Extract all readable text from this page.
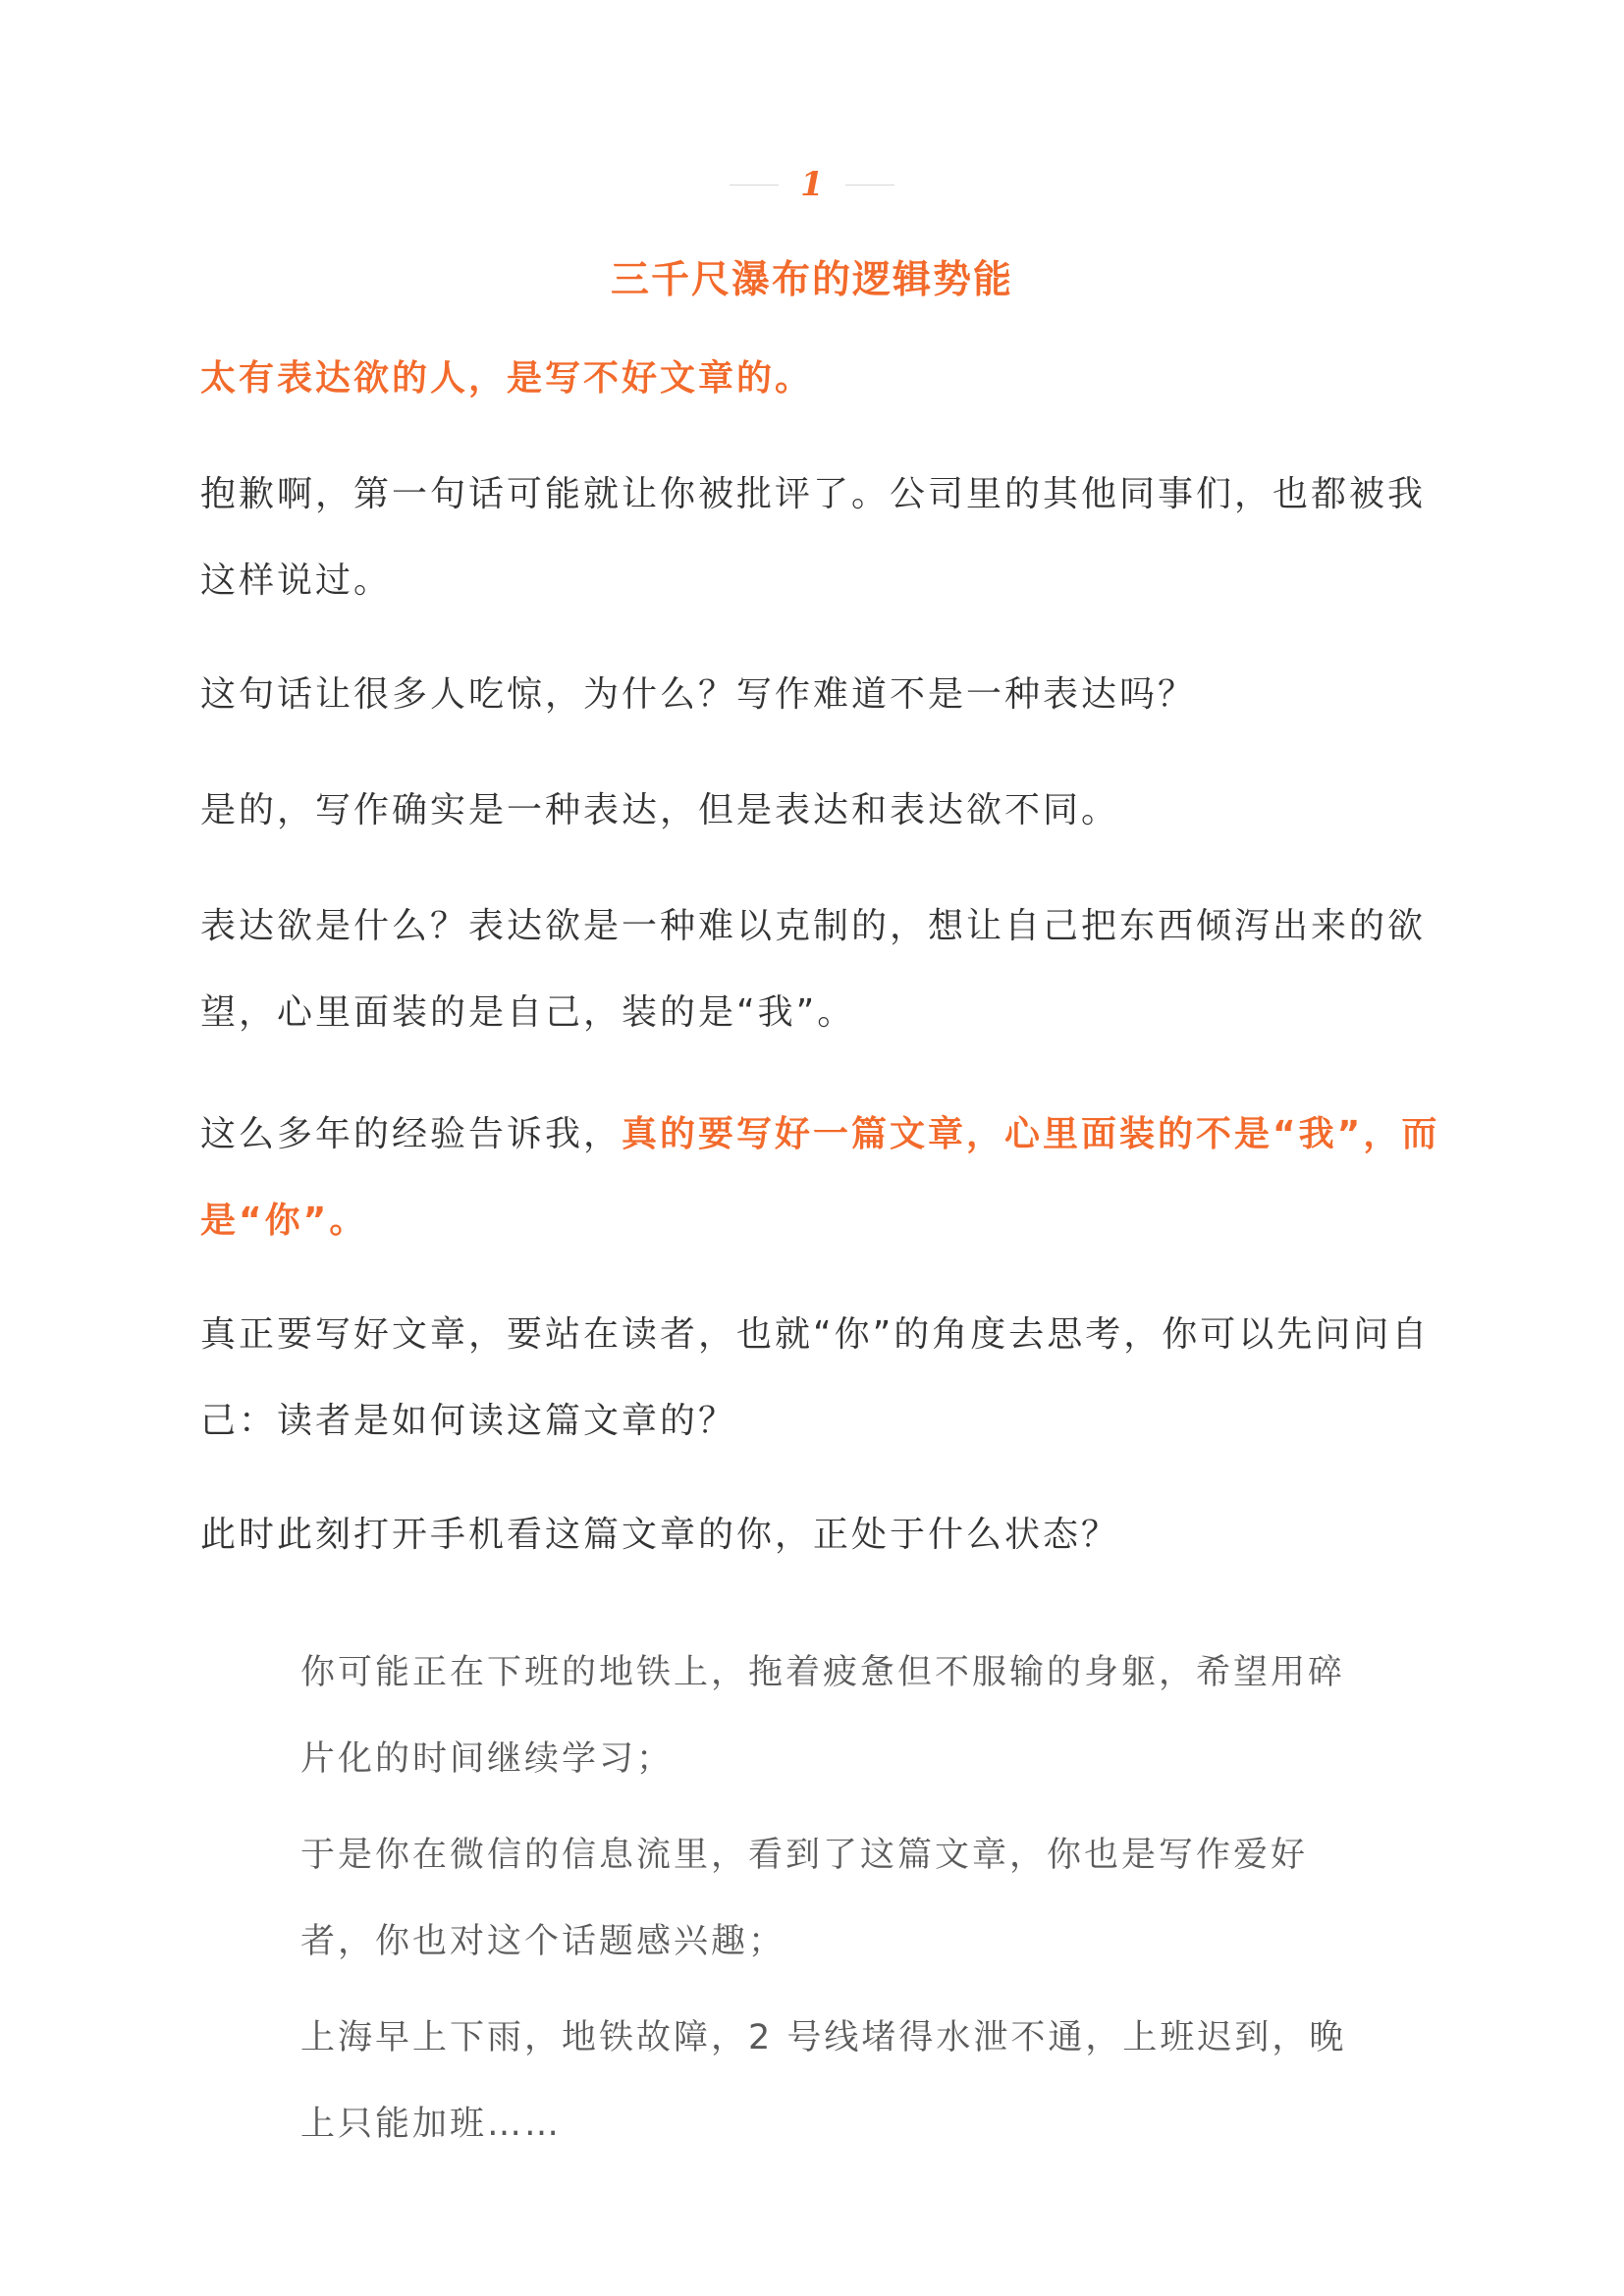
1
三千尺瀑布的逻辑势能

太有表达欲的人，是写不好文章的。

抱歉啊，第一句话可能就让你被批评了。公司里的其他同事们，也都被我这样说过。

这句话让很多人吃惊，为什么？写作难道不是一种表达吗？

是的，写作确实是一种表达，但是表达和表达欲不同。

表达欲是什么？表达欲是一种难以克制的，想让自己把东西倾泻出来的欲望，心里面装的是自己，装的是“我”。

这么多年的经验告诉我，真的要写好一篇文章，心里面装的不是“我”，而是“你”。

真正要写好文章，要站在读者，也就“你”的角度去思考，你可以先问问自己：读者是如何读这篇文章的？

此时此刻打开手机看这篇文章的你，正处于什么状态？

你可能正在下班的地铁上，拖着疲惫但不服输的身躯，希望用碎片化的时间继续学习；

于是你在微信的信息流里，看到了这篇文章，你也是写作爱好者，你也对这个话题感兴趣；

上海早上下雨，地铁故障，2 号线堵得水泄不通，上班迟到，晚上只能加班……
